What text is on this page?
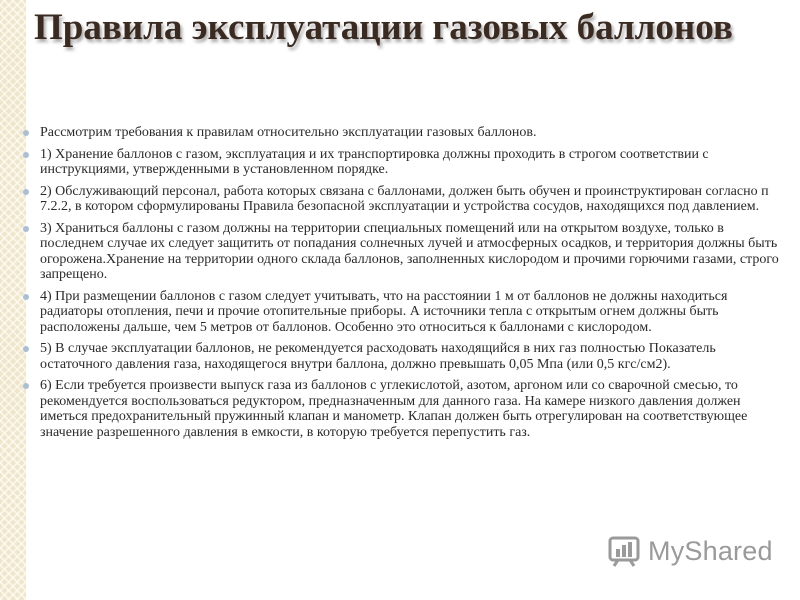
Правила эксплуатации газовых баллонов
Рассмотрим требования к правилам относительно эксплуатации газовых баллонов.
1) Хранение баллонов с газом, эксплуатация и их транспортировка должны проходить в строгом соответствии с инструкциями, утвержденными в установленном порядке.
2) Обслуживающий персонал, работа которых связана с баллонами, должен быть обучен и проинструктирован согласно п 7.2.2, в котором сформулированы Правила безопасной эксплуатации и устройства сосудов, находящихся под давлением.
3) Храниться баллоны с газом должны на территории специальных помещений или на открытом воздухе, только в последнем случае их следует защитить от попадания солнечных лучей и атмосферных осадков, и территория должны быть огорожена.Хранение на территории одного склада баллонов, заполненных кислородом и прочими горючими газами, строго запрещено.
4) При размещении баллонов с газом следует учитывать, что на расстоянии 1 м от баллонов не должны находиться радиаторы отопления, печи и прочие отопительные приборы. А источники тепла с открытым огнем должны быть расположены дальше, чем 5 метров от баллонов. Особенно это относиться к баллонами с кислородом.
5) В случае эксплуатации баллонов, не рекомендуется расходовать находящийся в них газ полностью Показатель остаточного давления газа, находящегося внутри баллона, должно превышать 0,05 Мпа (или 0,5 кгс/см2).
6) Если требуется произвести выпуск газа из баллонов с углекислотой, азотом, аргоном или со сварочной смесью, то рекомендуется воспользоваться редуктором, предназначенным для данного газа. На камере низкого давления должен иметься предохранительный пружинный клапан и манометр. Клапан должен быть отрегулирован на соответствующее значение разрешенного давления в емкости, в которую требуется перепустить газ.
MyShared
